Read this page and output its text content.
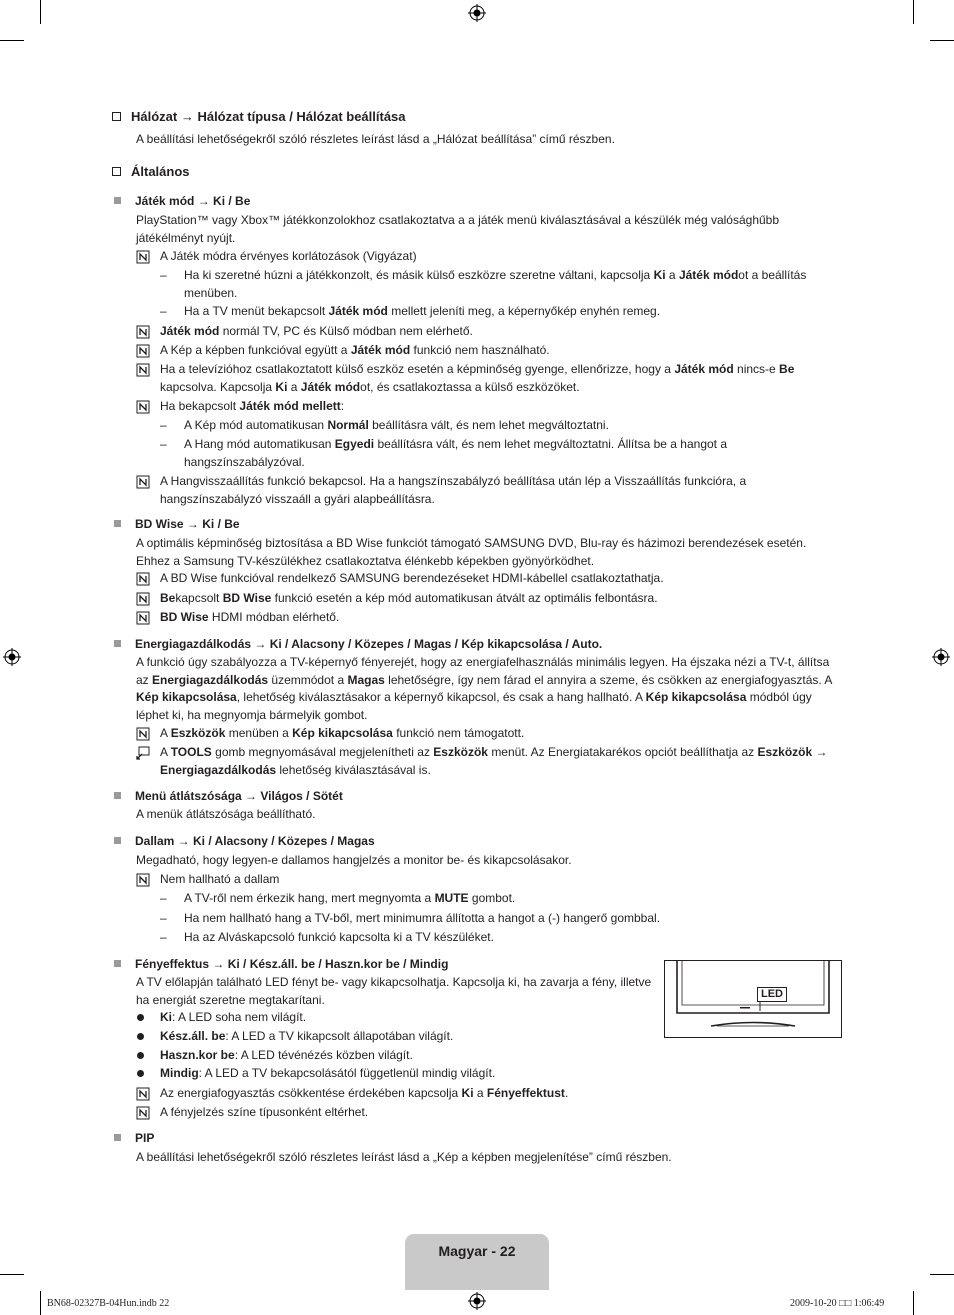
Hálózat → Hálózat típusa / Hálózat beállítása
A beállítási lehetőségekről szóló részletes leírást lásd a „Hálózat beállítása” című részben.
Általános
Játék mód → Ki / Be
PlayStation™ vagy Xbox™ játékkonzolokhoz csatlakoztatva a a játék menü kiválasztásával a készülék még valósághűbb játékélményt nyújt.
A Játék módra érvényes korlátozások (Vigyázat)
– Ha ki szeretné húzni a játékkonzolt, és másik külső eszközre szeretne váltani, kapcsolja Ki a Játék módot a beállítás menüben.
– Ha a TV menüt bekapcsolt Játék mód mellett jeleníti meg, a képernyőkép enyhén remeg.
Játék mód normál TV, PC és Külső módban nem elérhető.
A Kép a képben funkcióval együtt a Játék mód funkció nem használható.
Ha a televízióhoz csatlakoztatott külső eszköz esetén a képminőség gyenge, ellenőrizze, hogy a Játék mód nincs-e Be kapcsolva. Kapcsolja Ki a Játék módot, és csatlakoztassa a külső eszközöket.
Ha bekapcsolt Játék mód mellett:
– A Kép mód automatikusan Normál beállításra vált, és nem lehet megváltoztatni.
– A Hang mód automatikusan Egyedi beállításra vált, és nem lehet megváltoztatni. Állítsa be a hangot a hangszínszabályzóval.
A Hangvisszaállítás funkció bekapcsol. Ha a hangszínszabályzó beállítása után lép a Visszaállítás funkcióra, a hangszínszabályzó visszaáll a gyári alapbeállításra.
BD Wise → Ki / Be
A optimális képminőség biztosítása a BD Wise funkciót támogató SAMSUNG DVD, Blu-ray és házimozi berendezések esetén. Ehhez a Samsung TV-készülékhez csatlakoztatva élénkebb képekben gyönyörködhet.
A BD Wise funkcióval rendelkező SAMSUNG berendezéseket HDMI-kábellel csatlakoztathatja.
Bekapcsolt BD Wise funkció esetén a kép mód automatikusan átvált az optimális felbontásra.
BD Wise HDMI módban elérhető.
Energiagazdálkodás → Ki / Alacsony / Közepes / Magas / Kép kikapcsolása / Auto.
A funkció úgy szabályozza a TV-képernyő fényerejét, hogy az energiafelhasználás minimális legyen. Ha éjszaka nézi a TV-t, állítsa az Energiagazdálkodás üzemmódot a Magas lehetőségre, így nem fárad el annyira a szeme, és csökken az energiafogyasztás. A Kép kikapcsolása, lehetőség kiválasztásakor a képernyő kikapcsol, és csak a hang hallható. A Kép kikapcsolása módból úgy léphet ki, ha megnyomja bármelyik gombot.
A Eszközök menüben a Kép kikapcsolása funkció nem támogatott.
A TOOLS gomb megnyomásával megjelenítheti az Eszközök menüt. Az Energiatakarékos opciót beállíthatja az Eszközök → Energiagazdálkodás lehetőség kiválasztásával is.
Menü átlátszósága → Világos / Sötét
A menük átlátszósága beállítható.
Dallam → Ki / Alacsony / Közepes / Magas
Megadható, hogy legyen-e dallamos hangjelzés a monitor be- és kikapcsolásakor.
Nem hallható a dallam
– A TV-ről nem érkezik hang, mert megnyomta a MUTE gombot.
– Ha nem hallható hang a TV-ből, mert minimumra állította a hangot a (-) hangerő gombbal.
– Ha az Alváskapcsoló funkció kapcsolta ki a TV készüléket.
Fényeffektus → Ki / Kész.áll. be / Haszn.kor be / Mindig
A TV előlapján található LED fényt be- vagy kikapcsolhatja. Kapcsolja ki, ha zavarja a fény, illetve ha energiát szeretne megtakarítani.	LED
Ki: A LED soha nem világít.
Kész.áll. be: A LED a TV kikapcsolt állapotában világít.
Haszn.kor be: A LED tévénézés közben világít.
Mindig: A LED a TV bekapcsolásától függetlenül mindig világít.
Az energiafogyasztás csökkentése érdekében kapcsolja Ki a Fényeffektust.
A fényjelzés színe típusonként eltérhet.
PIP
A beállítási lehetőségekről szóló részletes leírást lásd a „Kép a képben megjelenítése” című részben.
Magyar - 22
BN68-02327B-04Hun.indb 22	2009-10-20 □□ 1:06:49
